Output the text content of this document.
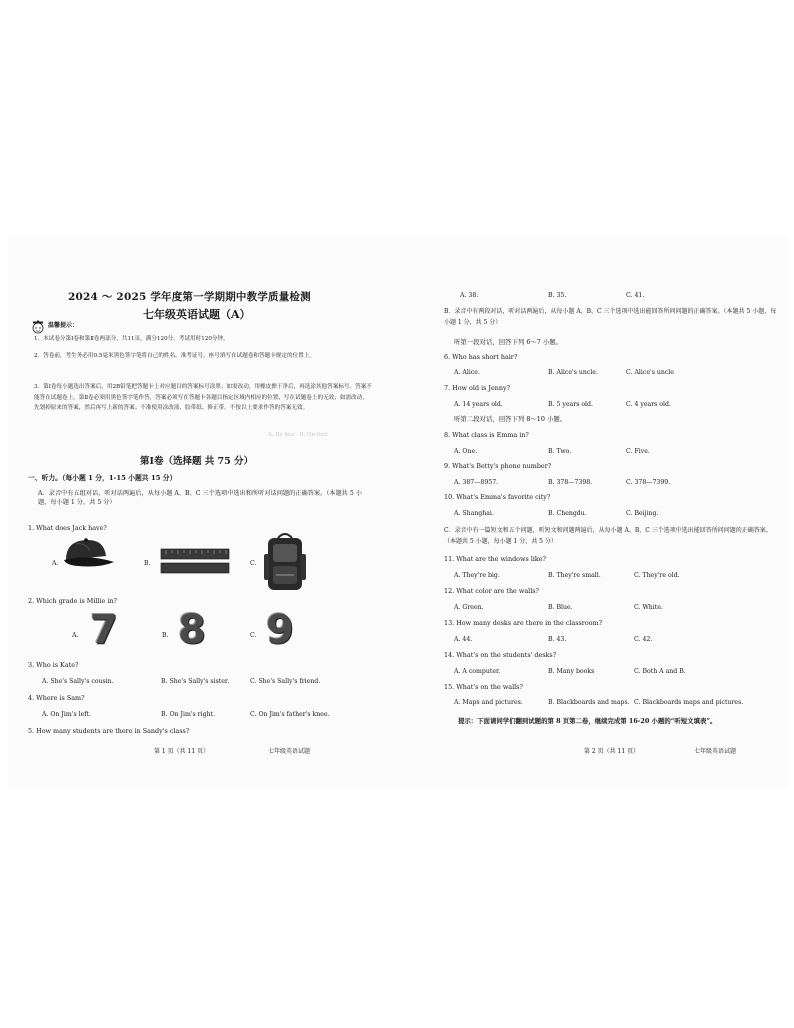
2024 ～ 2025 学年度第一学期期中教学质量检测
七年级英语试题（A）
温馨提示：
1．本试卷分第Ⅰ卷和第Ⅱ卷两部分，共11页，满分120分。考试用时120分钟。
2．答卷前，考生务必用0.5毫米黑色签字笔将自己的姓名、准考证号、座号填写在试题卷和答题卡规定的位置上。
3．第Ⅰ卷每小题选出答案后，用2B铅笔把答题卡上对应题目的答案标号涂黑；如需改动，用橡皮擦干净后，再选涂其他答案标号。答案不能答在试题卷上。第Ⅱ卷必须用黑色签字笔作答，答案必须写在答题卡各题目指定区域内相应的位置，写在试题卷上的无效；如需改动，先划掉原来的答案，然后再写上新的答案；不准使用涂改液、胶带纸、修正带。不按以上要求作答的答案无效。
A. By bus · B. On foot
第Ⅰ卷（选择题 共 75 分）
一、听力。（每小题 1 分，1-15 小题共 15 分）
A．录音中有五组对话，听对话两遍后，从每小题 A、B、C 三个选项中选出和所听对话问题的正确答案。（本题共 5 小题，每小题 1 分，共 5 分）
1. What does Jack have?
A.	B.	C.
2. Which grade is Millie in?
A. 7	B. 8	C. 9
3. Who is Kate?
A. She's Sally's cousin.	B. She's Sally's sister.	C. She's Sally's friend.
4. Where is Sam?
A. On Jim's left.	B. On Jim's right.	C. On Jim's father's knee.
5. How many students are there in Sandy's class?
第 1 页（共 11 页）	七年级英语试题
A. 38.	B. 35.	C. 41.
B．录音中有两段对话，听对话两遍后，从每小题 A、B、C 三个选项中选出能回答所问问题的正确答案。（本题共 5 小题，每小题 1 分，共 5 分）
听第一段对话，回答下列 6～7 小题。
6. Who has short hair?
A. Alice.	B. Alice's uncle.	C. Alice's uncle
7. How old is Jenny?
A. 14 years old.	B. 5 years old.	C. 4 years old.
听第二段对话，回答下列 8～10 小题。
8. What class is Emma in?
A. One.	B. Two.	C. Five.
9. What's Betty's phone number?
A. 387—8957.	B. 378—7398.	C. 378—7399.
10. What's Emma's favorite city?
A. Shanghai.	B. Chengdu.	C. Beijing.
C．录音中有一篇短文和五个问题，听短文和问题两遍后，从每小题 A、B、C 三个选项中选出能回答所问问题的正确答案。（本题共 5 小题，每小题 1 分，共 5 分）
11. What are the windows like?
A. They're big.	B. They're small.	C. They're old.
12. What color are the walls?
A. Green.	B. Blue.	C. White.
13. How many desks are there in the classroom?
A. 44.	B. 43.	C. 42.
14. What's on the students' desks?
A. A computer.	B. Many books	C. Both A and B.
15. What's on the walls?
A. Maps and pictures.	B. Blackboards and maps. C. Blackboards maps and pictures.
提示：下面请同学们翻到试题的第 8 页第二卷，继续完成第 16-20 小题的“听短文填表”。
第 2 页（共 11 页）	七年级英语试题
